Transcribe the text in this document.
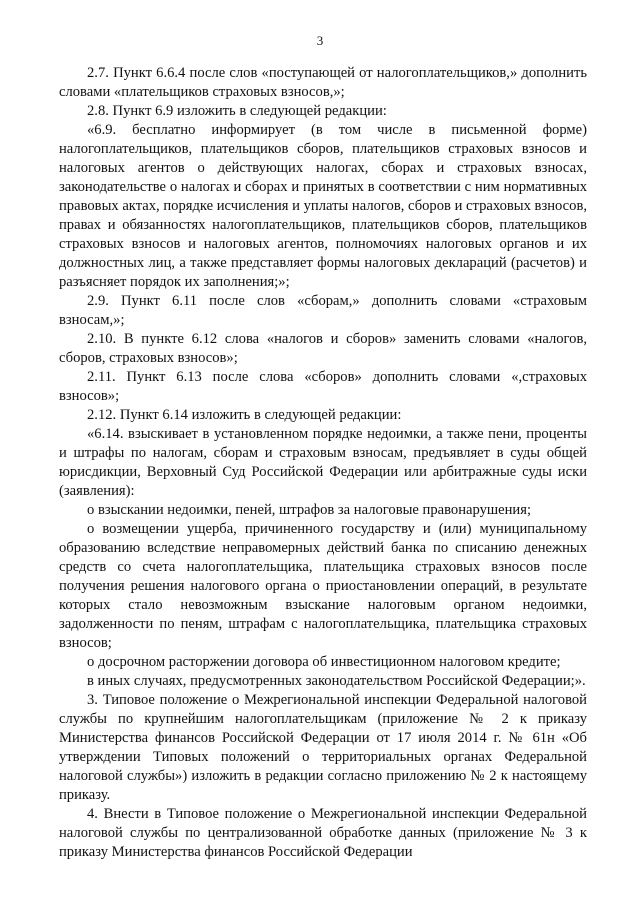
3

2.7. Пункт 6.6.4 после слов «поступающей от налогоплательщиков,» дополнить словами «плательщиков страховых взносов,»;

2.8. Пункт 6.9 изложить в следующей редакции:

«6.9. бесплатно информирует (в том числе в письменной форме) налогоплательщиков, плательщиков сборов, плательщиков страховых взносов и налоговых агентов о действующих налогах, сборах и страховых взносах, законодательстве о налогах и сборах и принятых в соответствии с ним нормативных правовых актах, порядке исчисления и уплаты налогов, сборов и страховых взносов, правах и обязанностях налогоплательщиков, плательщиков сборов, плательщиков страховых взносов и налоговых агентов, полномочиях налоговых органов и их должностных лиц, а также представляет формы налоговых деклараций (расчетов) и разъясняет порядок их заполнения;»;

2.9. Пункт 6.11 после слов «сборам,» дополнить словами «страховым взносам,»;

2.10. В пункте 6.12 слова «налогов и сборов» заменить словами «налогов, сборов, страховых взносов»;

2.11. Пункт 6.13 после слова «сборов» дополнить словами «,страховых взносов»;

2.12. Пункт 6.14 изложить в следующей редакции:

«6.14. взыскивает в установленном порядке недоимки, а также пени, проценты и штрафы по налогам, сборам и страховым взносам, предъявляет в суды общей юрисдикции, Верховный Суд Российской Федерации или арбитражные суды иски (заявления):

о взыскании недоимки, пеней, штрафов за налоговые правонарушения;

о возмещении ущерба, причиненного государству и (или) муниципальному образованию вследствие неправомерных действий банка по списанию денежных средств со счета налогоплательщика, плательщика страховых взносов после получения решения налогового органа о приостановлении операций, в результате которых стало невозможным взыскание налоговым органом недоимки, задолженности по пеням, штрафам с налогоплательщика, плательщика страховых взносов;

о досрочном расторжении договора об инвестиционном налоговом кредите;

в иных случаях, предусмотренных законодательством Российской Федерации;».

3. Типовое положение о Межрегиональной инспекции Федеральной налоговой службы по крупнейшим налогоплательщикам (приложение № 2 к приказу Министерства финансов Российской Федерации от 17 июля 2014 г. № 61н «Об утверждении Типовых положений о территориальных органах Федеральной налоговой службы») изложить в редакции согласно приложению № 2 к настоящему приказу.

4. Внести в Типовое положение о Межрегиональной инспекции Федеральной налоговой службы по централизованной обработке данных (приложение № 3 к приказу Министерства финансов Российской Федерации
